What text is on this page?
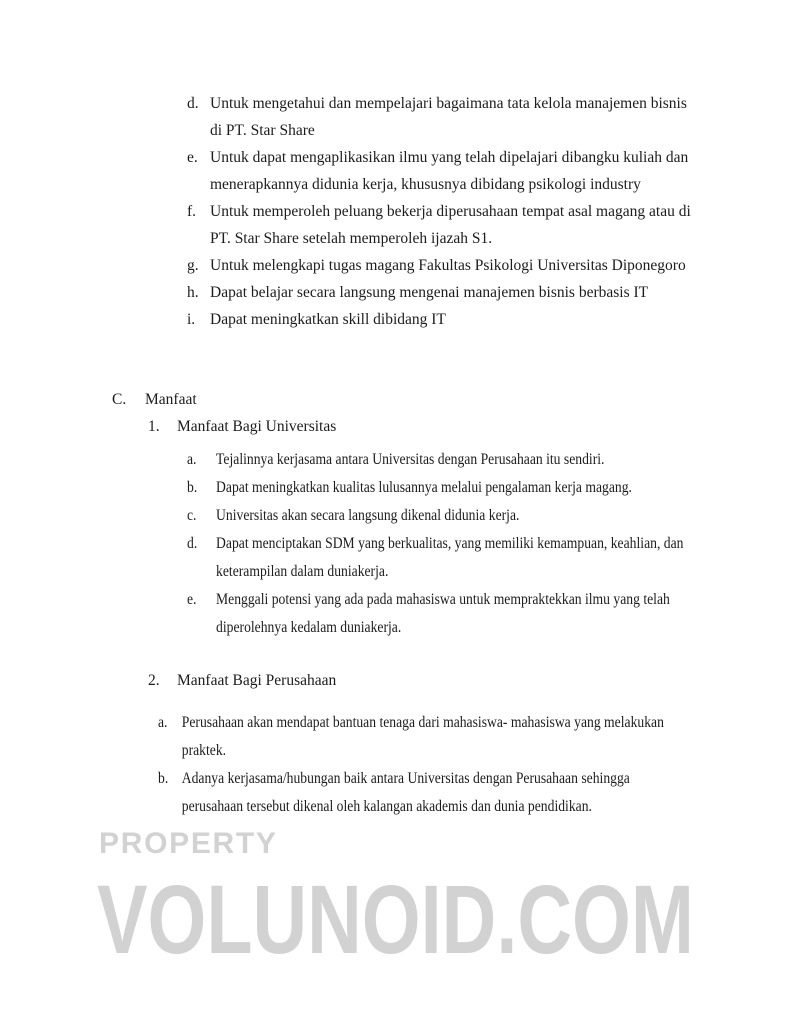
d. Untuk mengetahui dan mempelajari bagaimana tata kelola manajemen bisnis di PT. Star Share
e. Untuk dapat mengaplikasikan ilmu yang telah dipelajari dibangku kuliah dan menerapkannya didunia kerja, khususnya dibidang psikologi industry
f. Untuk memperoleh peluang bekerja diperusahaan tempat asal magang atau di PT. Star Share setelah memperoleh ijazah S1.
g. Untuk melengkapi tugas magang Fakultas Psikologi Universitas Diponegoro
h. Dapat belajar secara langsung mengenai manajemen bisnis berbasis IT
i. Dapat meningkatkan skill dibidang IT
C.	Manfaat
1.	Manfaat Bagi Universitas
a.	Tejalinnya kerjasama antara Universitas dengan Perusahaan itu sendiri.
b.	Dapat meningkatkan kualitas lulusannya melalui pengalaman kerja magang.
c.	Universitas akan secara langsung dikenal didunia kerja.
d.	Dapat menciptakan SDM yang berkualitas, yang memiliki kemampuan, keahlian, dan keterampilan dalam duniakerja.
e.	Menggali potensi yang ada pada mahasiswa untuk mempraktekkan ilmu yang telah diperolehnya kedalam duniakerja.
2.	Manfaat Bagi Perusahaan
a. Perusahaan akan mendapat bantuan tenaga dari mahasiswa- mahasiswa yang melakukan praktek.
b. Adanya kerjasama/hubungan baik antara Universitas dengan Perusahaan sehingga perusahaan tersebut dikenal oleh kalangan akademis dan dunia pendidikan.
PROPERTY
VOLUNOID.COM
